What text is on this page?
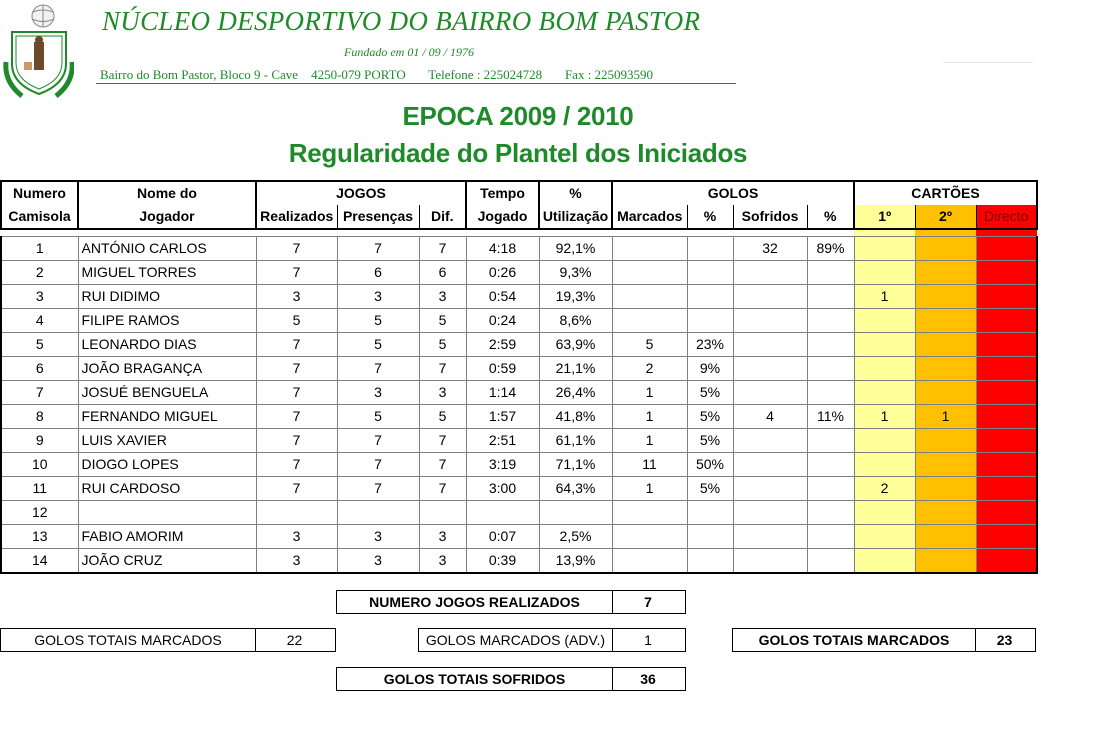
NÚCLEO DESPORTIVO DO BAIRRO BOM PASTOR
Fundado em 01 / 09 / 1976
Bairro do Bom Pastor, Bloco 9 - Cave 4250-079 PORTO Telefone : 225024728 Fax : 225093590
EPOCA 2009 / 2010
Regularidade do Plantel dos Iniciados
Numero	Nome do	JOGOS			Tempo	%	GOLOS				CARTÕES		
Camisola	Jogador	Realizados	Presenças	Dif.	Jogado	Utilização	Marcados	%	Sofridos	%	1º	2º	Directo

1	ANTÓNIO CARLOS	7	7	7	4:18	92,1%			32	89%			
2	MIGUEL TORRES	7	6	6	0:26	9,3%							
3	RUI DIDIMO	3	3	3	0:54	19,3%					1		
4	FILIPE RAMOS	5	5	5	0:24	8,6%							
5	LEONARDO DIAS	7	5	5	2:59	63,9%	5	23%					
6	JOÃO BRAGANÇA	7	7	7	0:59	21,1%	2	9%					
7	JOSUÉ BENGUELA	7	3	3	1:14	26,4%	1	5%					
8	FERNANDO MIGUEL	7	5	5	1:57	41,8%	1	5%	4	11%	1	1	
9	LUIS XAVIER	7	7	7	2:51	61,1%	1	5%					
10	DIOGO LOPES	7	7	7	3:19	71,1%	11	50%					
11	RUI CARDOSO	7	7	7	3:00	64,3%	1	5%			2		
12													
13	FABIO AMORIM	3	3	3	0:07	2,5%							
14	JOÃO CRUZ	3	3	3	0:39	13,9%							
NUMERO JOGOS REALIZADOS	7
GOLOS TOTAIS MARCADOS	22	GOLOS MARCADOS (ADV.)	1	GOLOS TOTAIS MARCADOS	23
GOLOS TOTAIS SOFRIDOS	36
